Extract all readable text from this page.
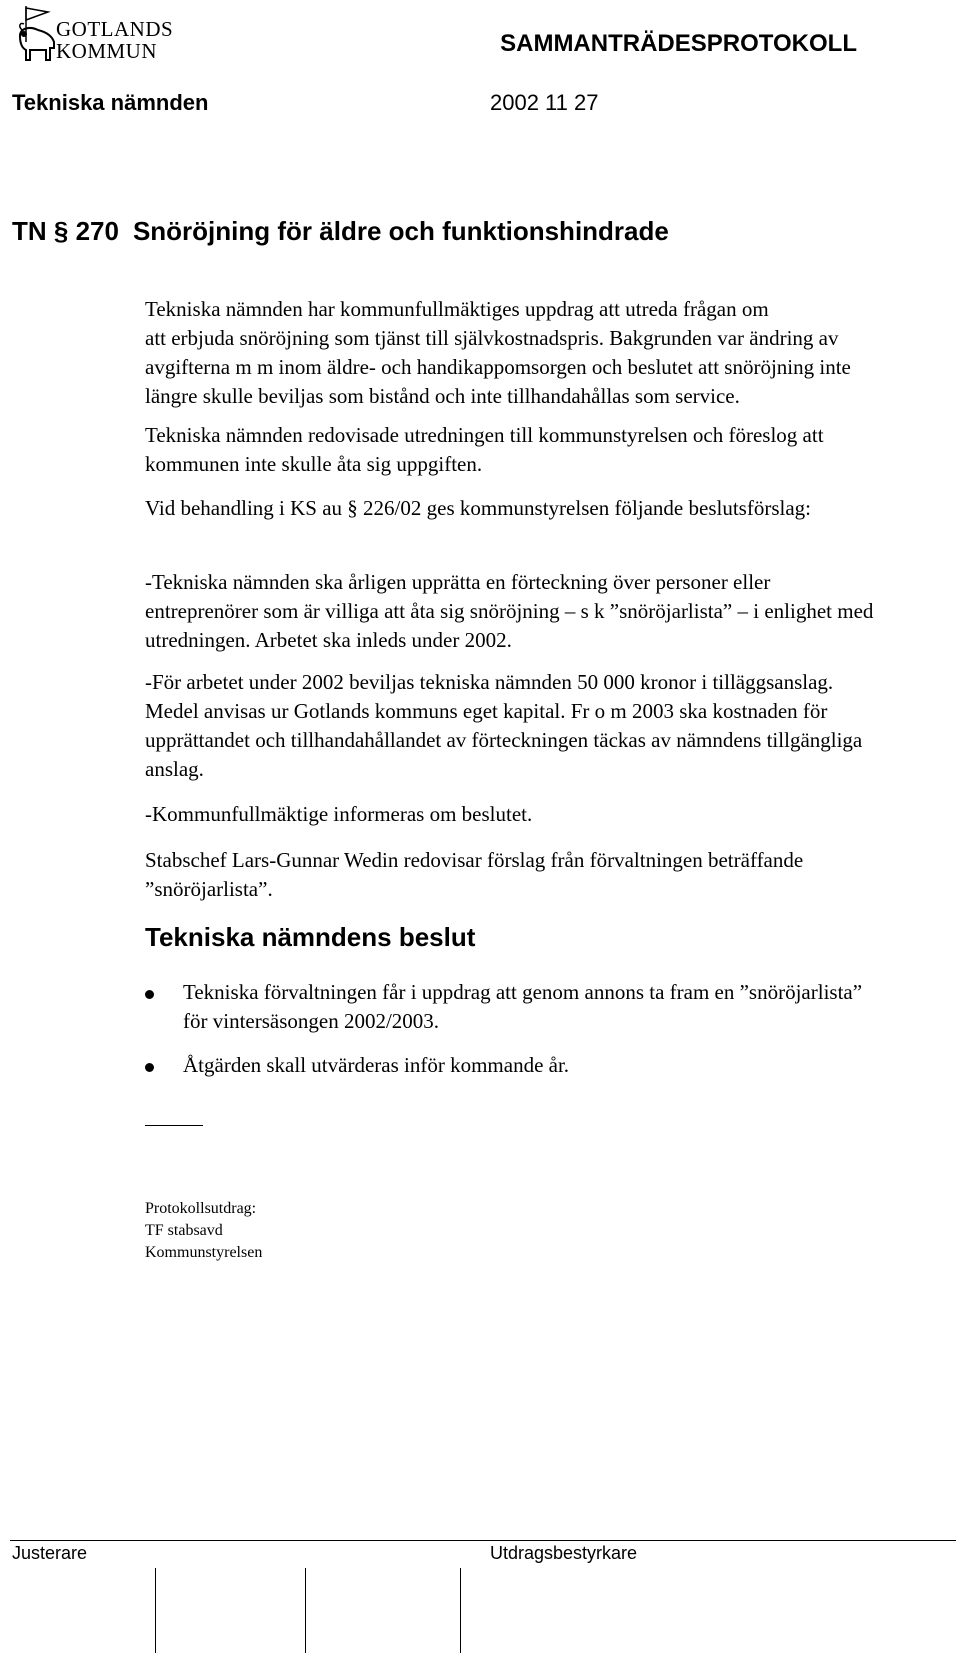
GOTLANDS
KOMMUN	SAMMANTRÄDESPROTOKOLL
Tekniska nämnden	2002 11 27
TN § 270 Snöröjning för äldre och funktionshindrade

Tekniska nämnden har kommunfullmäktiges uppdrag att utreda frågan om
att erbjuda snöröjning som tjänst till självkostnadspris. Bakgrunden var ändring av avgifterna m m inom äldre- och handikappomsorgen och beslutet att snöröjning inte längre skulle beviljas som bistånd och inte tillhandahållas som service.

Tekniska nämnden redovisade utredningen till kommunstyrelsen och föreslog att kommunen inte skulle åta sig uppgiften.

Vid behandling i KS au § 226/02 ges kommunstyrelsen följande beslutsförslag:

-Tekniska nämnden ska årligen upprätta en förteckning över personer eller entreprenörer som är villiga att åta sig snöröjning – s k ”snöröjarlista” – i enlighet med utredningen. Arbetet ska inleds under 2002.

-För arbetet under 2002 beviljas tekniska nämnden 50 000 kronor i tilläggsanslag. Medel anvisas ur Gotlands kommuns eget kapital. Fr o m 2003 ska kostnaden för upprättandet och tillhandahållandet av förteckningen täckas av nämndens tillgängliga anslag.

-Kommunfullmäktige informeras om beslutet.

Stabschef Lars-Gunnar Wedin redovisar förslag från förvaltningen beträffande ”snöröjarlista”.

Tekniska nämndens beslut
Tekniska förvaltningen får i uppdrag att genom annons ta fram en ”snöröjarlista” för vintersäsongen 2002/2003.
Åtgärden skall utvärderas inför kommande år.
Protokollsutdrag:
TF stabsavd
Kommunstyrelsen
Justerare	Utdragsbestyrkare
